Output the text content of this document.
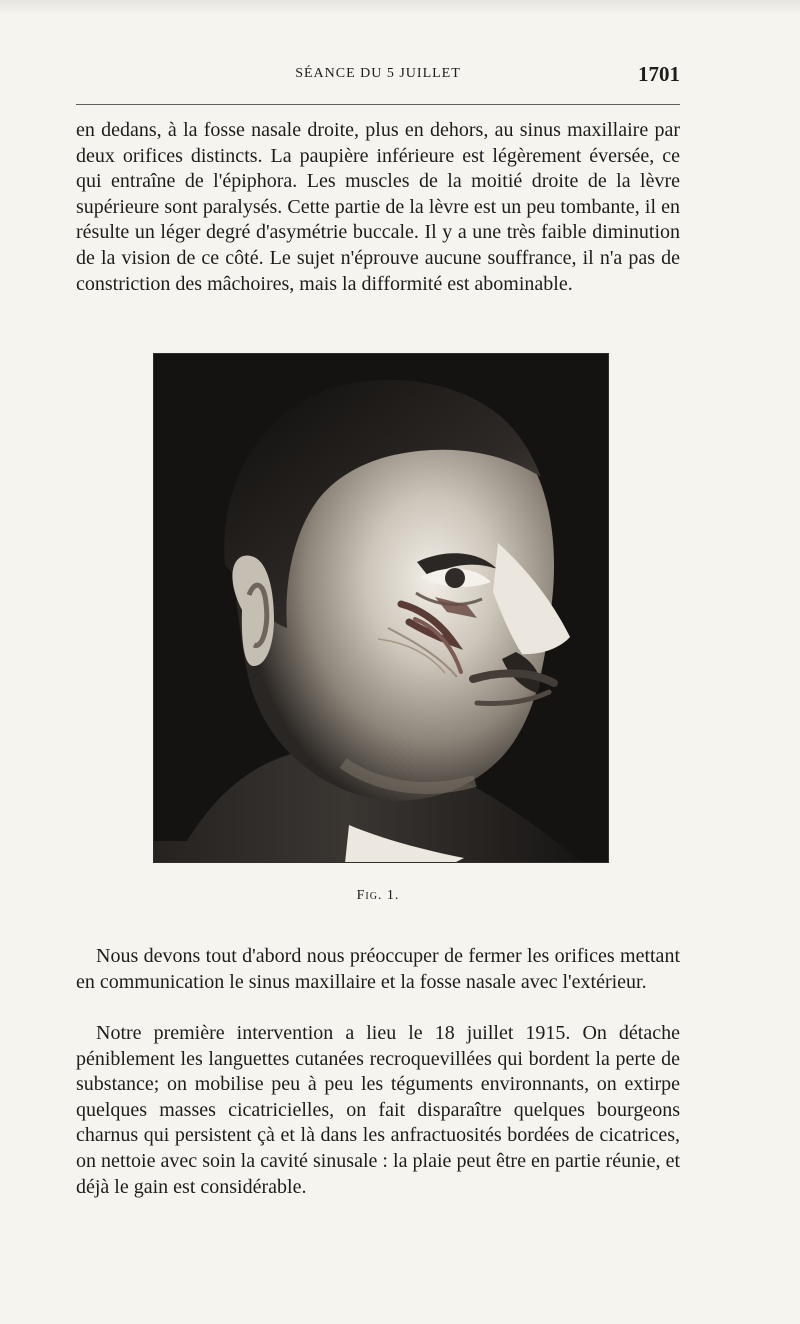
SÉANCE DU 5 JUILLET	1701

en dedans, à la fosse nasale droite, plus en dehors, au sinus maxillaire par deux orifices distincts. La paupière inférieure est légèrement éversée, ce qui entraîne de l'épiphora. Les muscles de la moitié droite de la lèvre supérieure sont paralysés. Cette partie de la lèvre est un peu tombante, il en résulte un léger degré d'asymétrie buccale. Il y a une très faible diminution de la vision de ce côté. Le sujet n'éprouve aucune souffrance, il n'a pas de constriction des mâchoires, mais la difformité est abominable.

Fig. 1.

Nous devons tout d'abord nous préoccuper de fermer les orifices mettant en communication le sinus maxillaire et la fosse nasale avec l'extérieur.

Notre première intervention a lieu le 18 juillet 1915. On détache péniblement les languettes cutanées recroquevillées qui bordent la perte de substance; on mobilise peu à peu les téguments environnants, on extirpe quelques masses cicatricielles, on fait disparaître quelques bourgeons charnus qui persistent çà et là dans les anfractuosités bordées de cicatrices, on nettoie avec soin la cavité sinusale : la plaie peut être en partie réunie, et déjà le gain est considérable.
